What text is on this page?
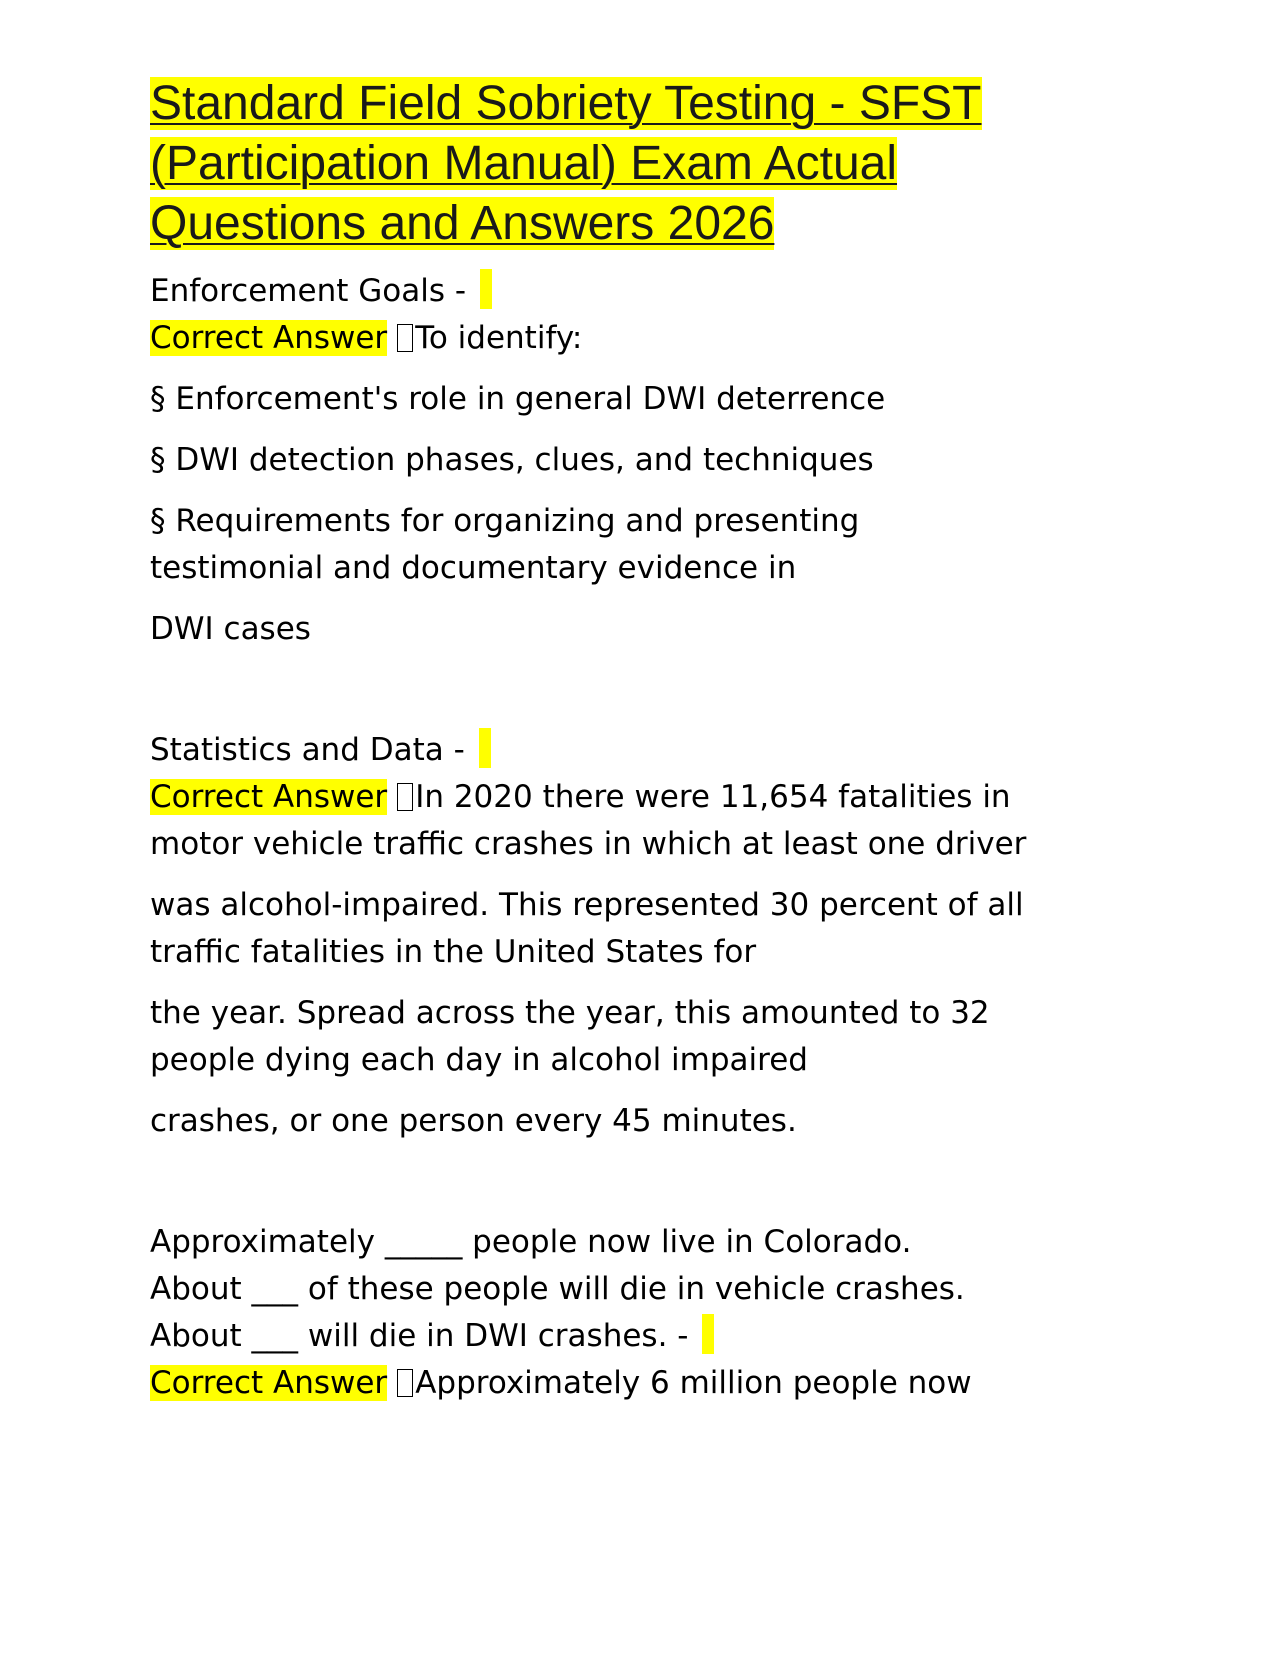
Standard Field Sobriety Testing - SFST
(Participation Manual) Exam Actual
Questions and Answers 2026

Enforcement Goals -

Correct Answer To identify:

§ Enforcement's role in general DWI deterrence

§ DWI detection phases, clues, and techniques

§ Requirements for organizing and presenting testimonial and documentary evidence in

DWI cases

Statistics and Data -

Correct Answer In 2020 there were 11,654 fatalities in motor vehicle traffic crashes in which at least one driver

was alcohol-impaired. This represented 30 percent of all traffic fatalities in the United States for

the year. Spread across the year, this amounted to 32 people dying each day in alcohol impaired

crashes, or one person every 45 minutes.

Approximately _____ people now live in Colorado.

About ___ of these people will die in vehicle crashes.

About ___ will die in DWI crashes. -

Correct Answer Approximately 6 million people now
